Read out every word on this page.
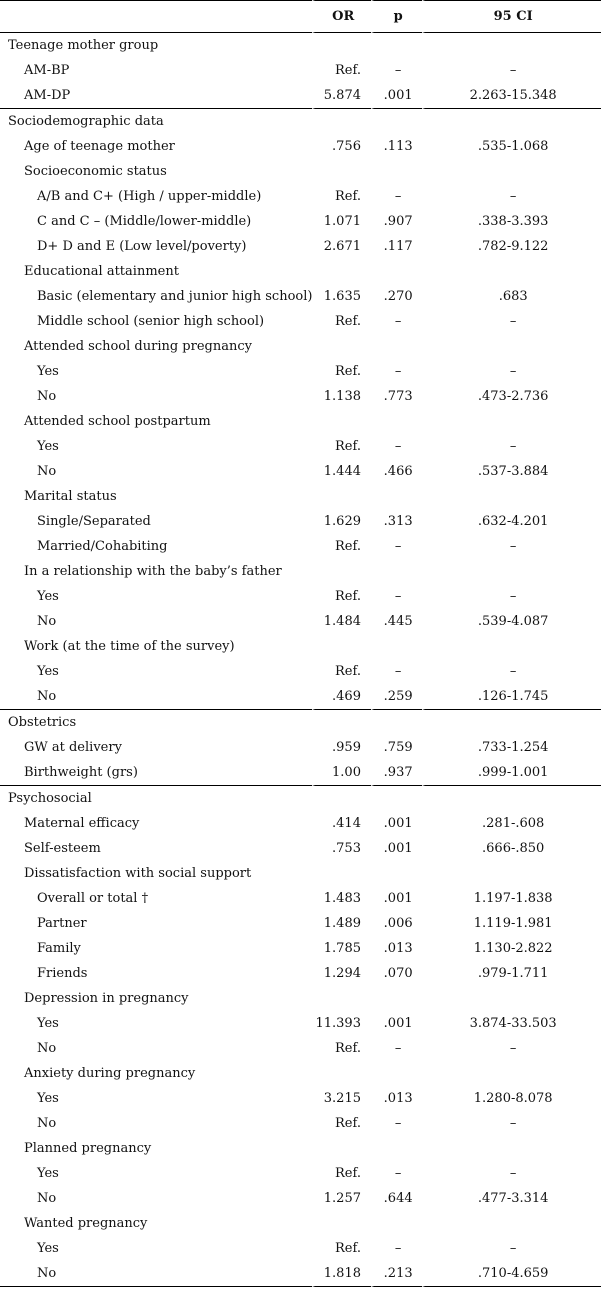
	OR	p	95 CI
Teenage mother group			
AM-BP	Ref.	–	–
AM-DP	5.874	.001	2.263-15.348
Sociodemographic data			
Age of teenage mother	.756	.113	.535-1.068
Socioeconomic status			
A/B and C+ (High / upper-middle)	Ref.	–	–
C and C – (Middle/lower-middle)	1.071	.907	.338-3.393
D+ D and E (Low level/poverty)	2.671	.117	.782-9.122
Educational attainment			
Basic (elementary and junior high school)	1.635	.270	.683
Middle school (senior high school)	Ref.	–	–
Attended school during pregnancy			
Yes	Ref.	–	–
No	1.138	.773	.473-2.736
Attended school postpartum			
Yes	Ref.	–	–
No	1.444	.466	.537-3.884
Marital status			
Single/Separated	1.629	.313	.632-4.201
Married/Cohabiting	Ref.	–	–
In a relationship with the baby’s father			
Yes	Ref.	–	–
No	1.484	.445	.539-4.087
Work (at the time of the survey)			
Yes	Ref.	–	–
No	.469	.259	.126-1.745
Obstetrics			
GW at delivery	.959	.759	.733-1.254
Birthweight (grs)	1.00	.937	.999-1.001
Psychosocial			
Maternal efficacy	.414	.001	.281-.608
Self-esteem	.753	.001	.666-.850
Dissatisfaction with social support			
Overall or total †	1.483	.001	1.197-1.838
Partner	1.489	.006	1.119-1.981
Family	1.785	.013	1.130-2.822
Friends	1.294	.070	.979-1.711
Depression in pregnancy			
Yes	11.393	.001	3.874-33.503
No	Ref.	–	–
Anxiety during pregnancy			
Yes	3.215	.013	1.280-8.078
No	Ref.	–	–
Planned pregnancy			
Yes	Ref.	–	–
No	1.257	.644	.477-3.314
Wanted pregnancy			
Yes	Ref.	–	–
No	1.818	.213	.710-4.659
